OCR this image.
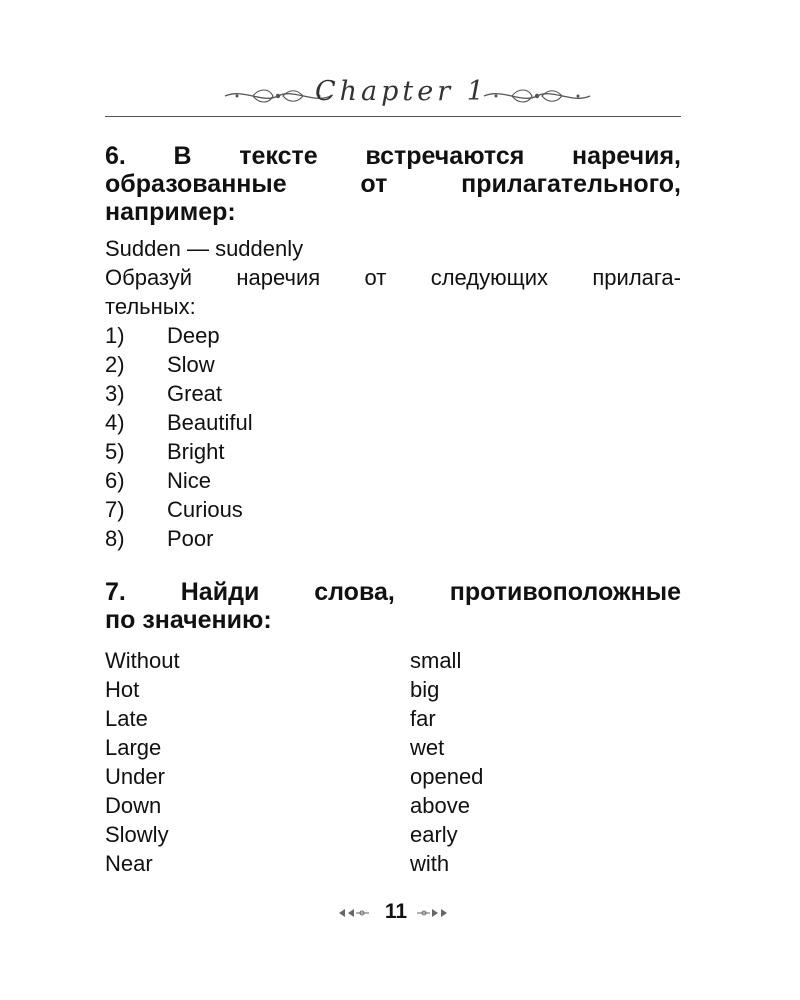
Chapter 1
6. В тексте встречаются наречия,
образованные от прилагательного,
например:

Sudden — suddenly

Образуй наречия от следующих прилага-

тельных:

1) Deep
2) Slow
3) Great
4) Beautiful
5) Bright
6) Nice
7) Curious
8) Poor
7. Найди слова, противоположные
по значению:
Without	small
Hot	big
Late	far
Large	wet
Under	opened
Down	above
Slowly	early
Near	with
11
